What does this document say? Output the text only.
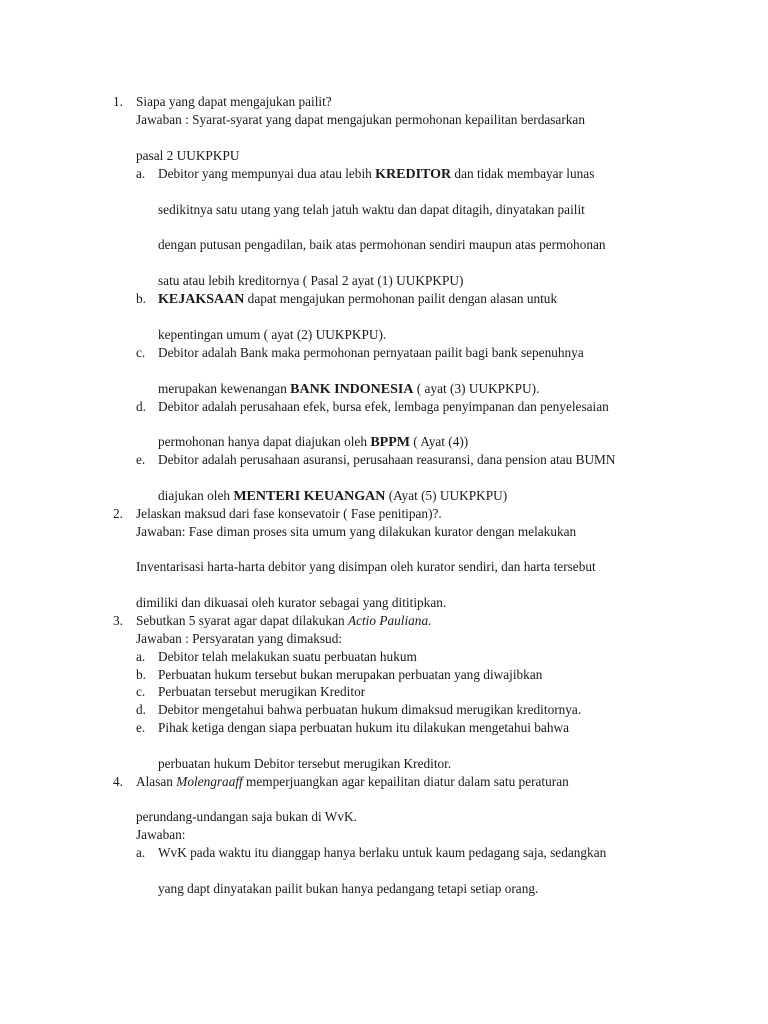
1. Siapa yang dapat mengajukan pailit?
Jawaban : Syarat-syarat yang dapat mengajukan permohonan kepailitan berdasarkan
pasal 2 UUKPKPU
a. Debitor yang mempunyai dua atau lebih KREDITOR dan tidak membayar lunas
sedikitnya satu utang yang telah jatuh waktu dan dapat ditagih, dinyatakan pailit
dengan putusan pengadilan, baik atas permohonan sendiri maupun atas permohonan
satu atau lebih kreditornya ( Pasal 2 ayat (1) UUKPKPU)
b. KEJAKSAAN dapat mengajukan permohonan pailit dengan alasan untuk
kepentingan umum ( ayat (2) UUKPKPU).
c. Debitor adalah Bank maka permohonan pernyataan pailit bagi bank sepenuhnya
merupakan kewenangan BANK INDONESIA ( ayat (3) UUKPKPU).
d. Debitor adalah perusahaan efek, bursa efek, lembaga penyimpanan dan penyelesaian
permohonan hanya dapat diajukan oleh BPPM ( Ayat (4))
e. Debitor adalah perusahaan asuransi, perusahaan reasuransi, dana pension atau BUMN
diajukan oleh MENTERI KEUANGAN (Ayat (5) UUKPKPU)
2. Jelaskan maksud dari fase konsevatoir ( Fase penitipan)?.
Jawaban: Fase diman proses sita umum yang dilakukan kurator dengan melakukan
Inventarisasi harta-harta debitor yang disimpan oleh kurator sendiri, dan harta tersebut
dimiliki dan dikuasai oleh kurator sebagai yang dititipkan.
3. Sebutkan 5 syarat agar dapat dilakukan Actio Pauliana.
Jawaban : Persyaratan yang dimaksud:
a. Debitor telah melakukan suatu perbuatan hukum
b. Perbuatan hukum tersebut bukan merupakan perbuatan yang diwajibkan
c. Perbuatan tersebut merugikan Kreditor
d. Debitor mengetahui bahwa perbuatan hukum dimaksud merugikan kreditornya.
e. Pihak ketiga dengan siapa perbuatan hukum itu dilakukan mengetahui bahwa
perbuatan hukum Debitor tersebut merugikan Kreditor.
4. Alasan Molengraaff memperjuangkan agar kepailitan diatur dalam satu peraturan
perundang-undangan saja bukan di WvK.
Jawaban:
a. WvK pada waktu itu dianggap hanya berlaku untuk kaum pedagang saja, sedangkan
yang dapt dinyatakan pailit bukan hanya pedangang tetapi setiap orang.
